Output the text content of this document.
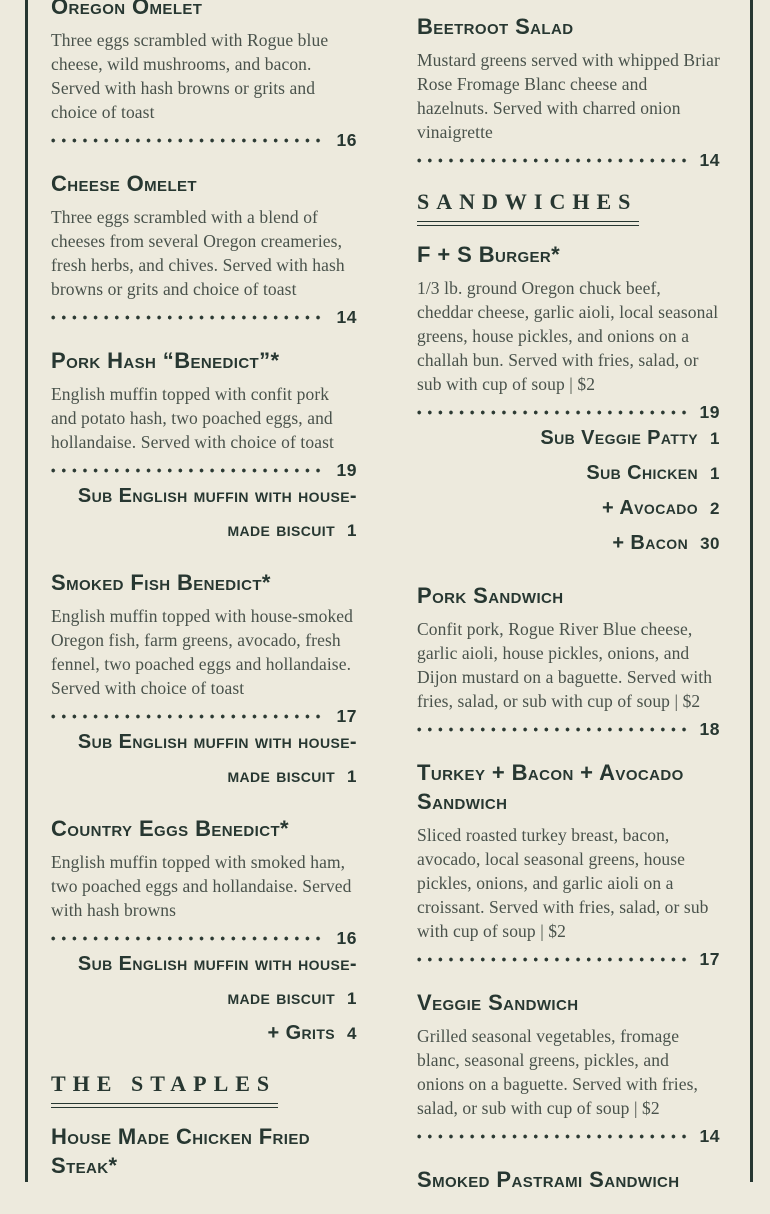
Oregon Omelet

Three eggs scrambled with Rogue blue cheese, wild mushrooms, and bacon. Served with hash browns or grits and choice of toast

16
Cheese Omelet

Three eggs scrambled with a blend of cheeses from several Oregon creameries, fresh herbs, and chives. Served with hash browns or grits and choice of toast

14
Pork Hash “Benedict”*

English muffin topped with confit pork and potato hash, two poached eggs, and hollandaise. Served with choice of toast

19
Sub English muffin with house-made biscuit 1
Smoked Fish Benedict*

English muffin topped with house-smoked Oregon fish, farm greens, avocado, fresh fennel, two poached eggs and hollandaise. Served with choice of toast

17
Sub English muffin with house-made biscuit 1
Country Eggs Benedict*

English muffin topped with smoked ham, two poached eggs and hollandaise. Served with hash browns

16
Sub English muffin with house-made biscuit 1
+ Grits 4
THE STAPLES
House Made Chicken Fried Steak*
Beetroot Salad

Mustard greens served with whipped Briar Rose Fromage Blanc cheese and hazelnuts. Served with charred onion vinaigrette

14
SANDWICHES
F + S Burger*

1/3 lb. ground Oregon chuck beef, cheddar cheese, garlic aioli, local seasonal greens, house pickles, and onions on a challah bun. Served with fries, salad, or sub with cup of soup | $2

19
Sub Veggie Patty 1
Sub Chicken 1
+ Avocado 2
+ Bacon 30
Pork Sandwich

Confit pork, Rogue River Blue cheese, garlic aioli, house pickles, onions, and Dijon mustard on a baguette. Served with fries, salad, or sub with cup of soup | $2

18
Turkey + Bacon + Avocado Sandwich

Sliced roasted turkey breast, bacon, avocado, local seasonal greens, house pickles, onions, and garlic aioli on a croissant. Served with fries, salad, or sub with cup of soup | $2

17
Veggie Sandwich

Grilled seasonal vegetables, fromage blanc, seasonal greens, pickles, and onions on a baguette. Served with fries, salad, or sub with cup of soup | $2

14
Smoked Pastrami Sandwich
